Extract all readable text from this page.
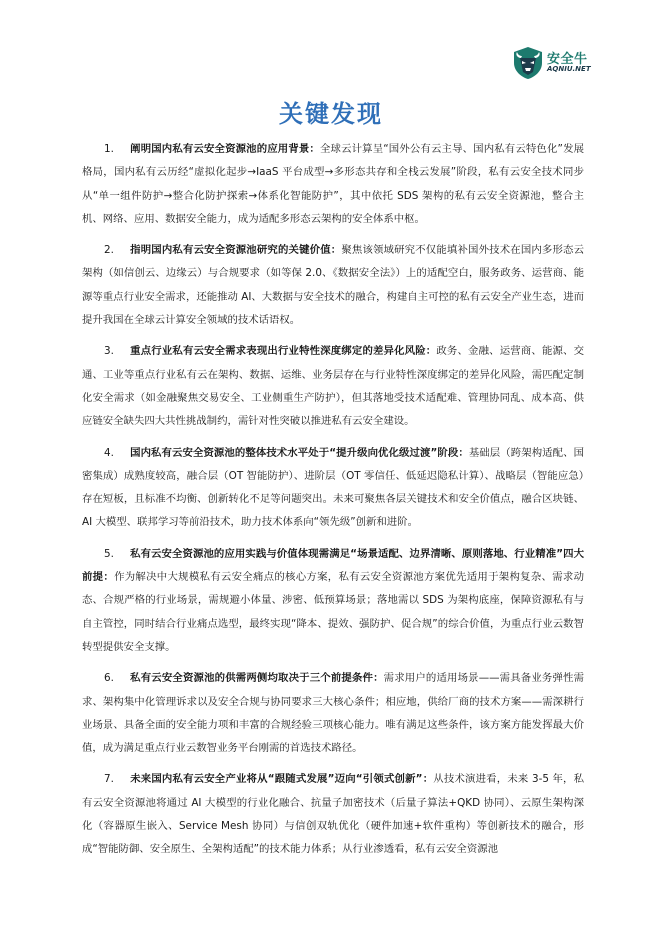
安全牛
AQNIU.NET
关键发现

1. 阐明国内私有云安全资源池的应用背景：全球云计算呈“国外公有云主导、国内私有云特色化”发展格局，国内私有云历经“虚拟化起步→IaaS 平台成型→多形态共存和全栈云发展”阶段，私有云安全技术同步从“单一组件防护→整合化防护探索→体系化智能防护”，其中依托 SDS 架构的私有云安全资源池，整合主机、网络、应用、数据安全能力，成为适配多形态云架构的安全体系中枢。

2. 指明国内私有云安全资源池研究的关键价值：聚焦该领域研究不仅能填补国外技术在国内多形态云架构（如信创云、边缘云）与合规要求（如等保 2.0、《数据安全法》）上的适配空白，服务政务、运营商、能源等重点行业安全需求，还能推动 AI、大数据与安全技术的融合，构建自主可控的私有云安全产业生态，进而提升我国在全球云计算安全领域的技术话语权。

3. 重点行业私有云安全需求表现出行业特性深度绑定的差异化风险：政务、金融、运营商、能源、交通、工业等重点行业私有云在架构、数据、运维、业务层存在与行业特性深度绑定的差异化风险，需匹配定制化安全需求（如金融聚焦交易安全、工业侧重生产防护），但其落地受技术适配难、管理协同乱、成本高、供应链安全缺失四大共性挑战制约，需针对性突破以推进私有云安全建设。

4. 国内私有云安全资源池的整体技术水平处于“提升级向优化级过渡”阶段：基础层（跨架构适配、国密集成）成熟度较高，融合层（OT 智能防护）、进阶层（OT 零信任、低延迟隐私计算）、战略层（智能应急）存在短板，且标准不均衡、创新转化不足等问题突出。未来可聚焦各层关键技术和安全价值点，融合区块链、AI 大模型、联邦学习等前沿技术，助力技术体系向“领先级”创新和进阶。

5. 私有云安全资源池的应用实践与价值体现需满足“场景适配、边界清晰、原则落地、行业精准”四大前提：作为解决中大规模私有云安全痛点的核心方案，私有云安全资源池方案优先适用于架构复杂、需求动态、合规严格的行业场景，需规避小体量、涉密、低预算场景；落地需以 SDS 为架构底座，保障资源私有与自主管控，同时结合行业痛点选型，最终实现“降本、提效、强防护、促合规”的综合价值，为重点行业云数智转型提供安全支撑。

6. 私有云安全资源池的供需两侧均取决于三个前提条件：需求用户的适用场景——需具备业务弹性需求、架构集中化管理诉求以及安全合规与协同要求三大核心条件；相应地，供给厂商的技术方案——需深耕行业场景、具备全面的安全能力项和丰富的合规经验三项核心能力。唯有满足这些条件，该方案方能发挥最大价值，成为满足重点行业云数智业务平台刚需的首选技术路径。

7. 未来国内私有云安全产业将从“跟随式发展”迈向“引领式创新”：从技术演进看，未来 3-5 年，私有云安全资源池将通过 AI 大模型的行业化融合、抗量子加密技术（后量子算法+QKD 协同）、云原生架构深化（容器原生嵌入、Service Mesh 协同）与信创双轨优化（硬件加速+软件重构）等创新技术的融合，形成“智能防御、安全原生、全架构适配”的技术能力体系；从行业渗透看，私有云安全资源池
